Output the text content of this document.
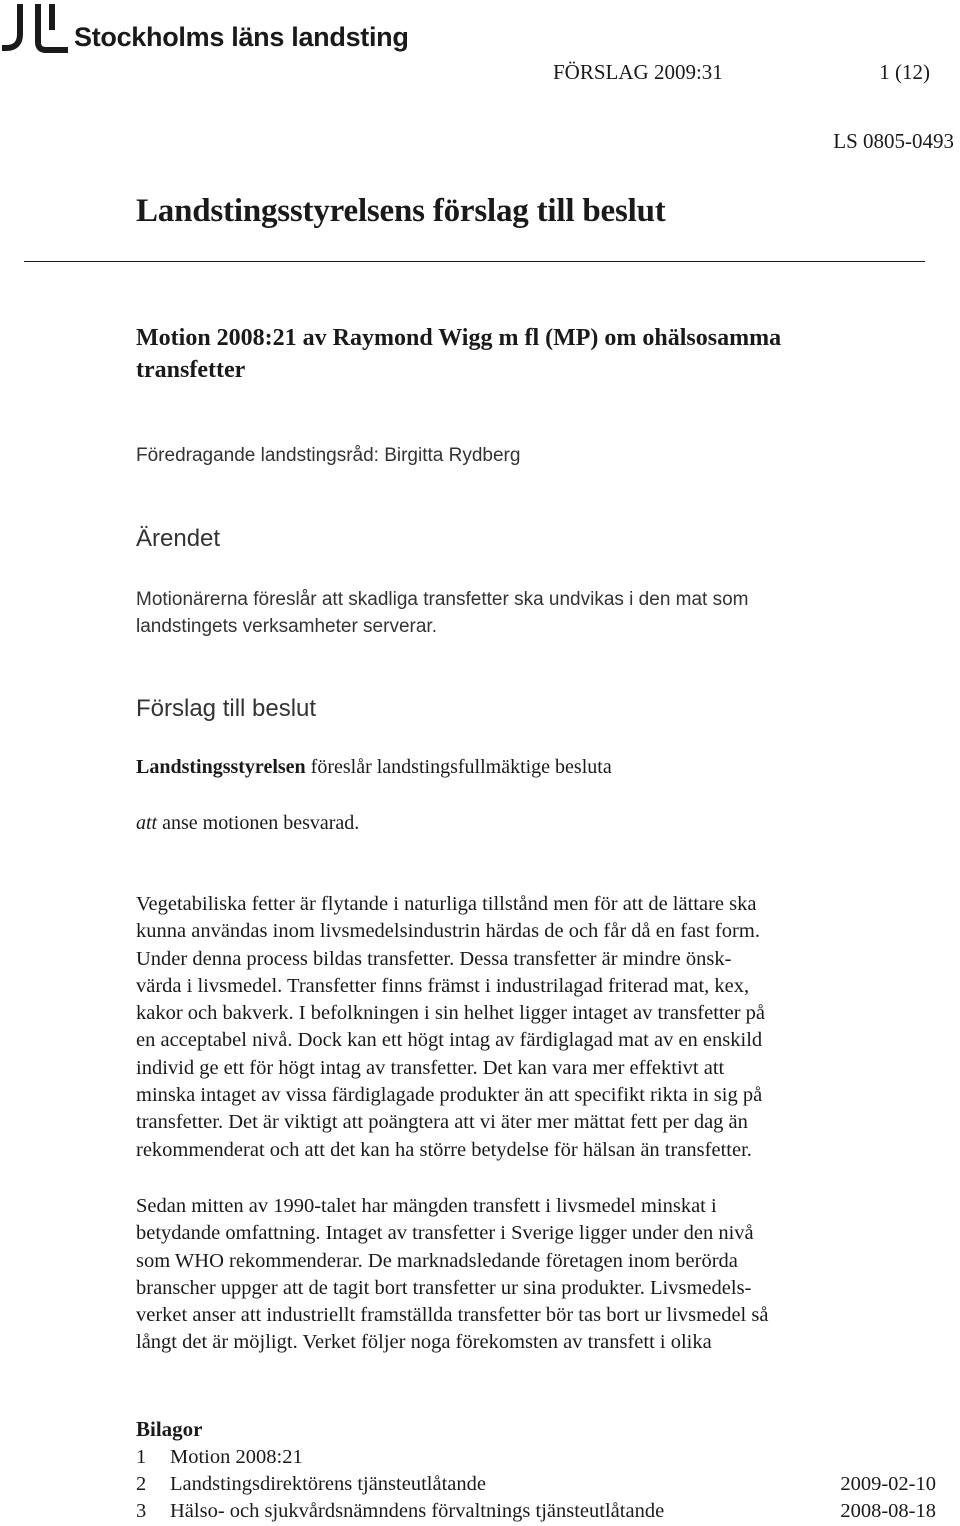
Stockholms läns landsting
FÖRSLAG 2009:31	1 (12)
LS 0805-0493
Landstingsstyrelsens förslag till beslut
Motion 2008:21 av Raymond Wigg m fl (MP) om ohälsosamma
transfetter
Föredragande landstingsråd: Birgitta Rydberg
Ärendet
Motionärerna föreslår att skadliga transfetter ska undvikas i den mat som
landstingets verksamheter serverar.
Förslag till beslut
Landstingsstyrelsen föreslår landstingsfullmäktige besluta
att anse motionen besvarad.
Vegetabiliska fetter är flytande i naturliga tillstånd men för att de lättare ska
kunna användas inom livsmedelsindustrin härdas de och får då en fast form.
Under denna process bildas transfetter. Dessa transfetter är mindre önsk-
värda i livsmedel. Transfetter finns främst i industrilagad friterad mat, kex,
kakor och bakverk. I befolkningen i sin helhet ligger intaget av transfetter på
en acceptabel nivå. Dock kan ett högt intag av färdiglagad mat av en enskild
individ ge ett för högt intag av transfetter. Det kan vara mer effektivt att
minska intaget av vissa färdiglagade produkter än att specifikt rikta in sig på
transfetter. Det är viktigt att poängtera att vi äter mer mättat fett per dag än
rekommenderat och att det kan ha större betydelse för hälsan än transfetter.
Sedan mitten av 1990-talet har mängden transfett i livsmedel minskat i
betydande omfattning. Intaget av transfetter i Sverige ligger under den nivå
som WHO rekommenderar. De marknadsledande företagen inom berörda
branscher uppger att de tagit bort transfetter ur sina produkter. Livsmedels-
verket anser att industriellt framställda transfetter bör tas bort ur livsmedel så
långt det är möjligt. Verket följer noga förekomsten av transfett i olika
Bilagor
1 Motion 2008:21
2 Landstingsdirektörens tjänsteutlåtande	2009-02-10
3 Hälso- och sjukvårdsnämndens förvaltnings tjänsteutlåtande	2008-08-18
